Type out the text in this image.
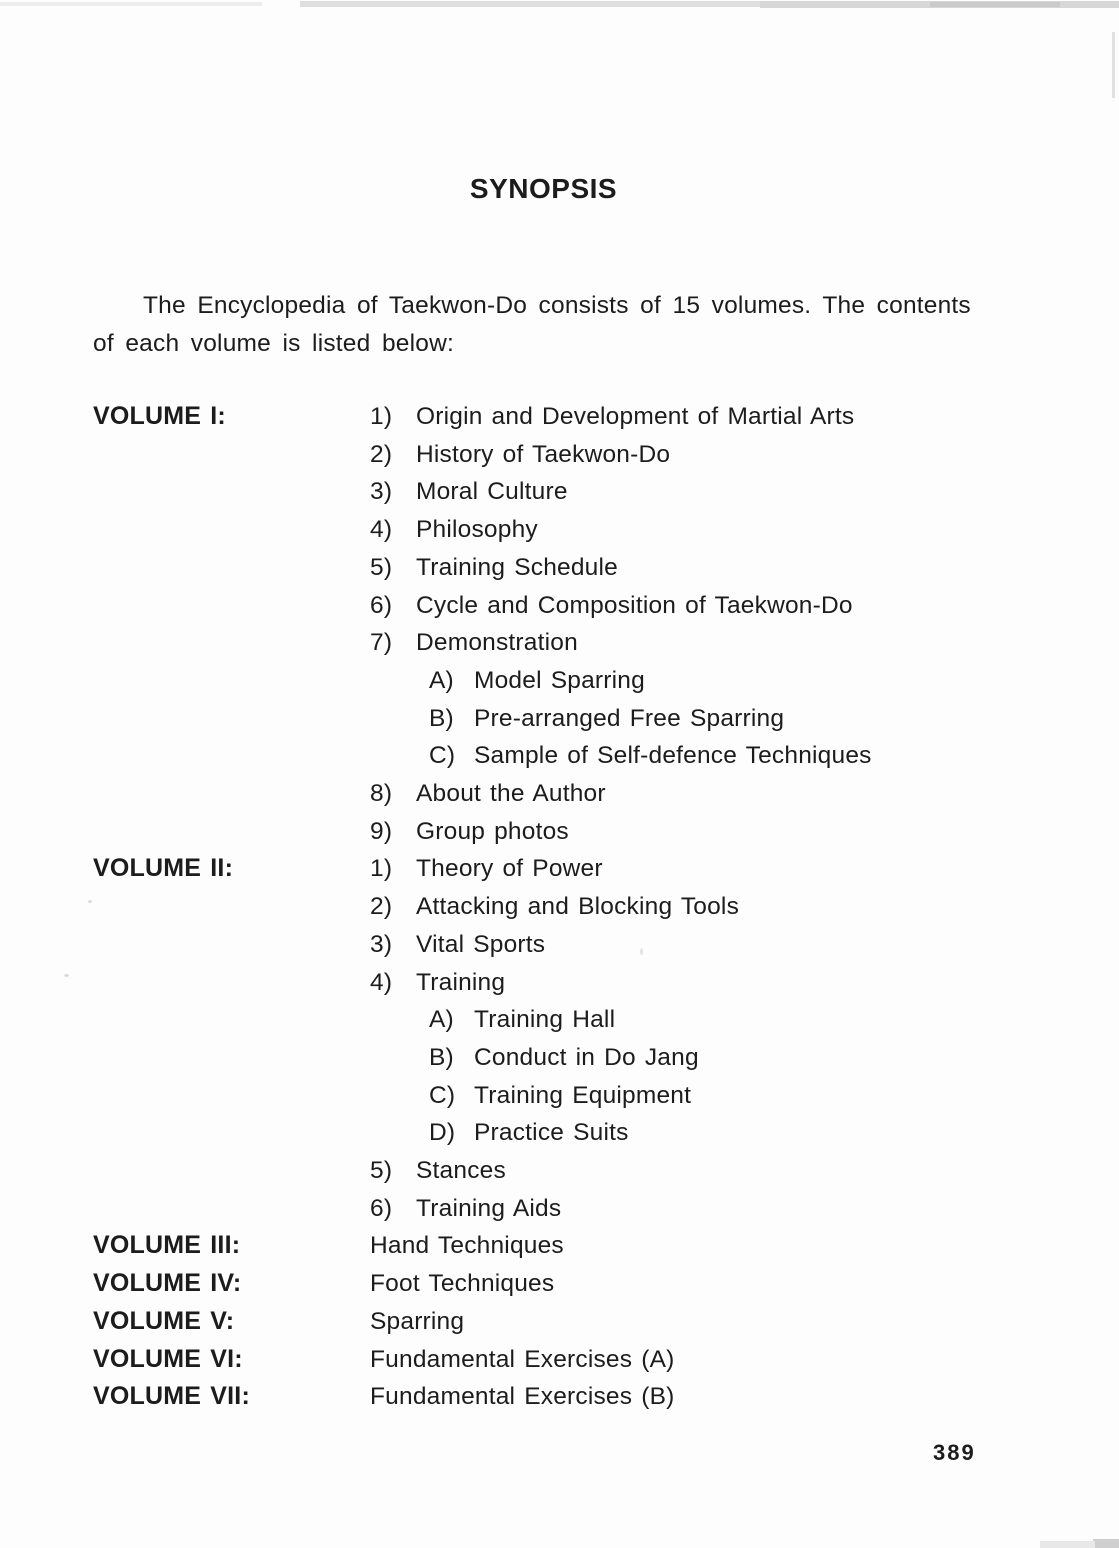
SYNOPSIS
The Encyclopedia of Taekwon-Do consists of 15 volumes. The contents
of each volume is listed below:
VOLUME I:	1) Origin and Development of Martial Arts
2) History of Taekwon-Do
3) Moral Culture
4) Philosophy
5) Training Schedule
6) Cycle and Composition of Taekwon-Do
7) Demonstration
A) Model Sparring
B) Pre-arranged Free Sparring
C) Sample of Self-defence Techniques
8) About the Author
9) Group photos
VOLUME II:	1) Theory of Power
2) Attacking and Blocking Tools
3) Vital Sports
4) Training
A) Training Hall
B) Conduct in Do Jang
C) Training Equipment
D) Practice Suits
5) Stances
6) Training Aids
VOLUME III:	Hand Techniques
VOLUME IV:	Foot Techniques
VOLUME V:	Sparring
VOLUME VI:	Fundamental Exercises (A)
VOLUME VII:	Fundamental Exercises (B)
389
